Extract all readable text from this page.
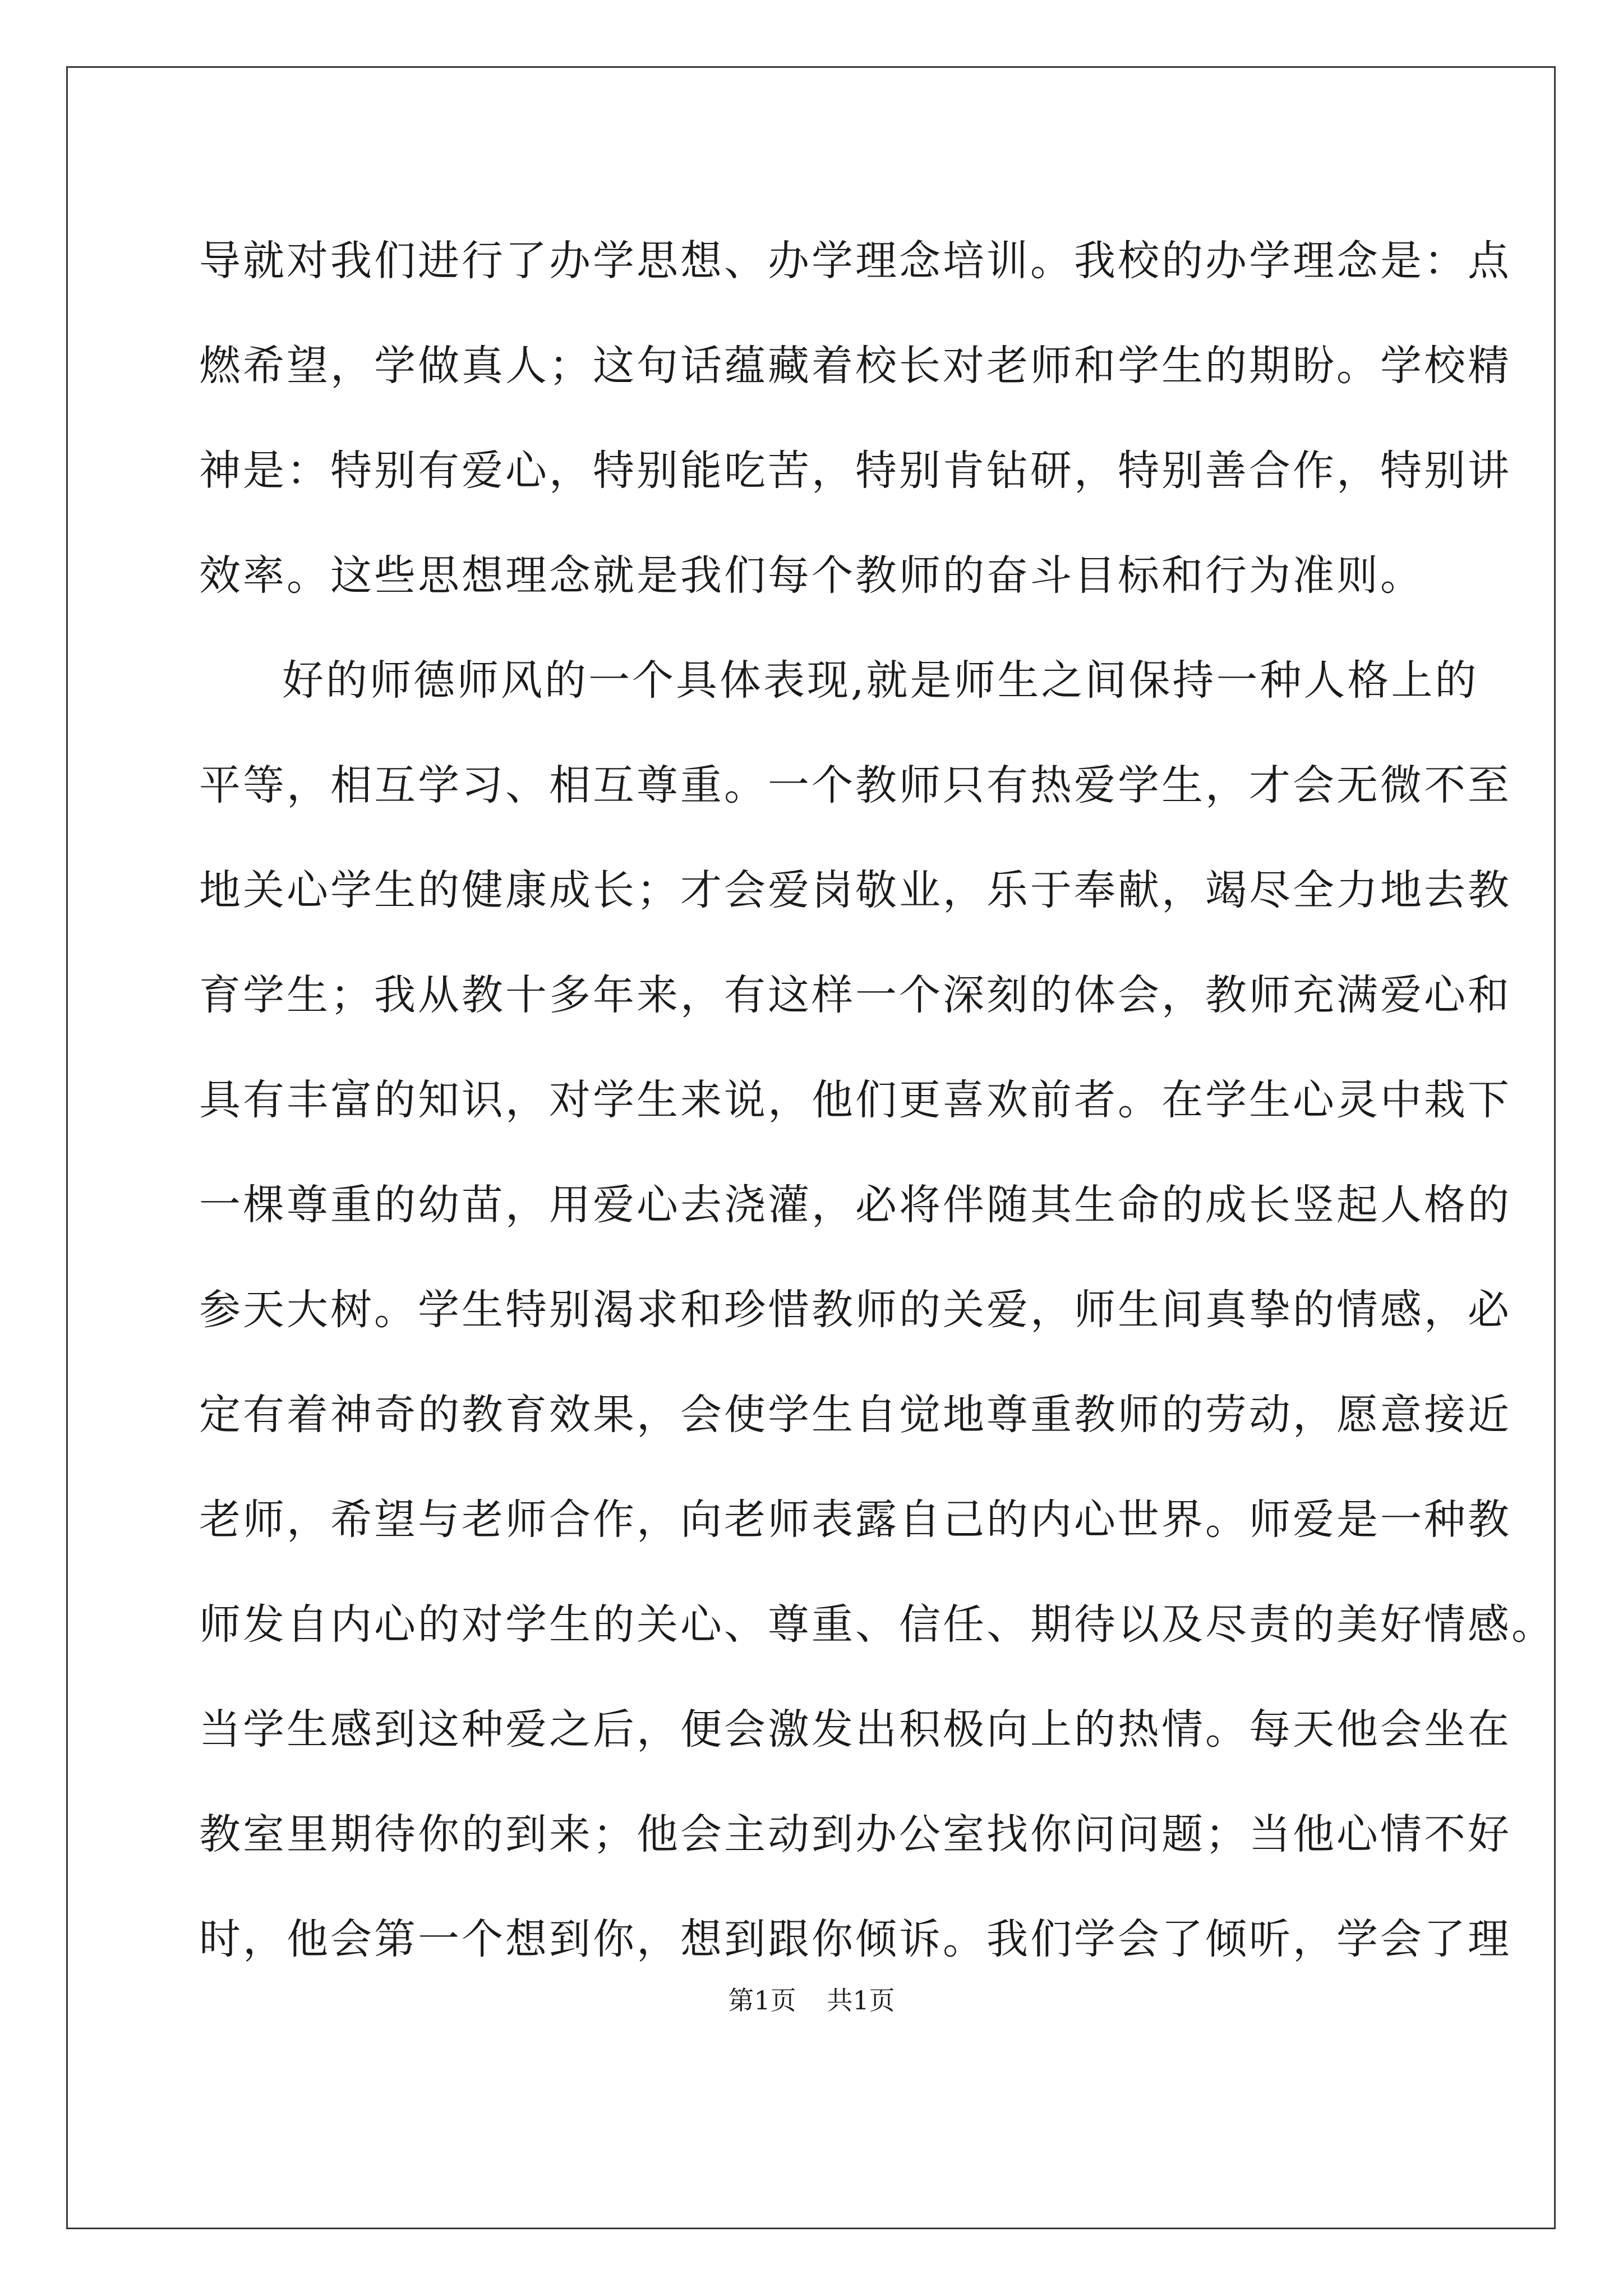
导就对我们进行了办学思想、办学理念培训。我校的办学理念是：点
燃希望，学做真人；这句话蕴藏着校长对老师和学生的期盼。学校精
神是：特别有爱心，特别能吃苦，特别肯钻研，特别善合作，特别讲
效率。这些思想理念就是我们每个教师的奋斗目标和行为准则。

好的师德师风的一个具体表现,就是师生之间保持一种人格上的
平等，相互学习、相互尊重。一个教师只有热爱学生，才会无微不至
地关心学生的健康成长；才会爱岗敬业，乐于奉献，竭尽全力地去教
育学生；我从教十多年来，有这样一个深刻的体会，教师充满爱心和
具有丰富的知识，对学生来说，他们更喜欢前者。在学生心灵中栽下
一棵尊重的幼苗，用爱心去浇灌，必将伴随其生命的成长竖起人格的
参天大树。学生特别渴求和珍惜教师的关爱，师生间真挚的情感，必
定有着神奇的教育效果，会使学生自觉地尊重教师的劳动，愿意接近
老师，希望与老师合作，向老师表露自己的内心世界。师爱是一种教
师发自内心的对学生的关心、尊重、信任、期待以及尽责的美好情感。
当学生感到这种爱之后，便会激发出积极向上的热情。每天他会坐在
教室里期待你的到来；他会主动到办公室找你问问题；当他心情不好
时，他会第一个想到你，想到跟你倾诉。我们学会了倾听，学会了理

第1页 共1页
